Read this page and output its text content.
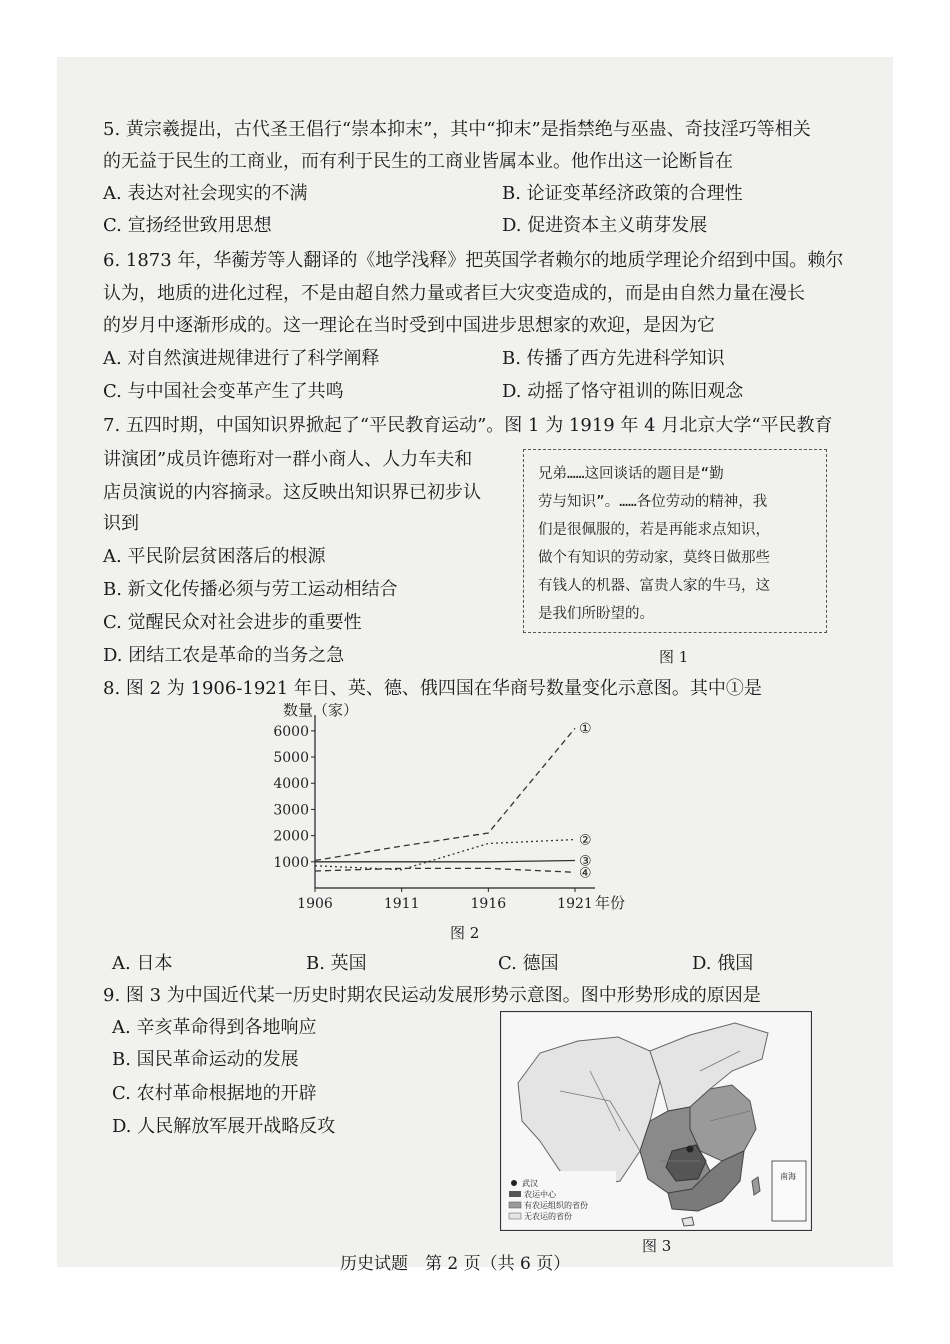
5. 黄宗羲提出，古代圣王倡行“崇本抑末”，其中“抑末”是指禁绝与巫蛊、奇技淫巧等相关
的无益于民生的工商业，而有利于民生的工商业皆属本业。他作出这一论断旨在
A. 表达对社会现实的不满	B. 论证变革经济政策的合理性
C. 宣扬经世致用思想	D. 促进资本主义萌芽发展
6. 1873 年，华蘅芳等人翻译的《地学浅释》把英国学者赖尔的地质学理论介绍到中国。赖尔
认为，地质的进化过程，不是由超自然力量或者巨大灾变造成的，而是由自然力量在漫长
的岁月中逐渐形成的。这一理论在当时受到中国进步思想家的欢迎，是因为它
A. 对自然演进规律进行了科学阐释	B. 传播了西方先进科学知识
C. 与中国社会变革产生了共鸣	D. 动摇了恪守祖训的陈旧观念
7. 五四时期，中国知识界掀起了“平民教育运动”。图 1 为 1919 年 4 月北京大学“平民教育
讲演团”成员许德珩对一群小商人、人力车夫和
店员演说的内容摘录。这反映出知识界已初步认
识到
A. 平民阶层贫困落后的根源
B. 新文化传播必须与劳工运动相结合
C. 觉醒民众对社会进步的重要性
D. 团结工农是革命的当务之急
兄弟……这回谈话的题目是“勤
劳与知识”。……各位劳动的精神，我
们是很佩服的，若是再能求点知识，
做个有知识的劳动家，莫终日做那些
有钱人的机器、富贵人家的牛马，这
是我们所盼望的。
图 1
8. 图 2 为 1906-1921 年日、英、德、俄四国在华商号数量变化示意图。其中①是
数量（家）
1000
2000
3000
4000
5000
6000
1906	1911	1916	1921 年份
①
②
③
④
图 2
A. 日本	B. 英国	C. 德国	D. 俄国
9. 图 3 为中国近代某一历史时期农民运动发展形势示意图。图中形势形成的原因是
A. 辛亥革命得到各地响应
B. 国民革命运动的发展
C. 农村革命根据地的开辟
D. 人民解放军展开战略反攻
武汉
农运中心
有农运组织的省份
无农运的省份
南海
图 3
历史试题　第 2 页（共 6 页）
